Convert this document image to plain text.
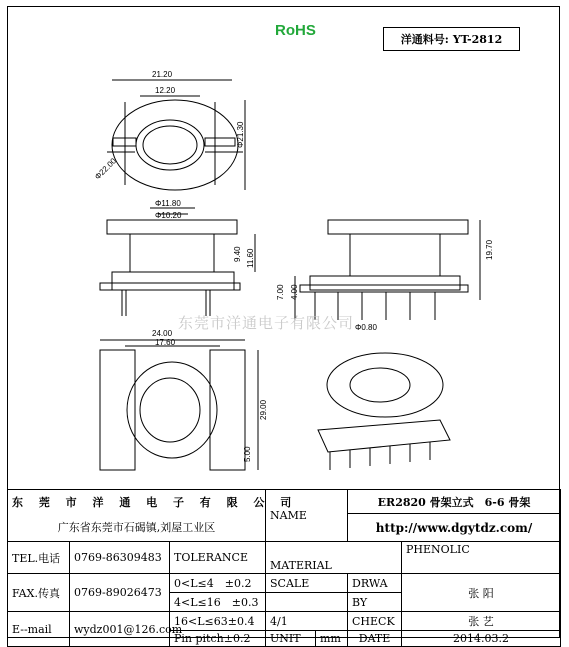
RoHS
洋通料号: YT-2812
21.20
12.20
Φ21.30
Φ22.00
Φ11.80
Φ10.20
9.40 11.60
7.00
19.70
4.00
Φ0.80
24.00
17.60
29.00
5.00
东莞市洋通电子有限公司
东 莞 市 洋 通 电 子 有 限 公 司			NAME		ER2820 骨架立式　6-6 骨架	
广东省东莞市石碣镇,刘屋工业区					http://www.dgytdz.com/	
TEL.电话	0769-86309483	TOLERANCE	MATERIAL			PHENOLIC
FAX.传真	0769-89026473	0<L≤4　±0.2	SCALE		DRWA	张 阳
		4<L≤16　±0.3			BY	
E--mail	wydz001@126.com	16<L≤63±0.4	4/1		CHECK	张 艺
		Pin pitch±0.2	UNIT	mm	DATE	2014.03.2
